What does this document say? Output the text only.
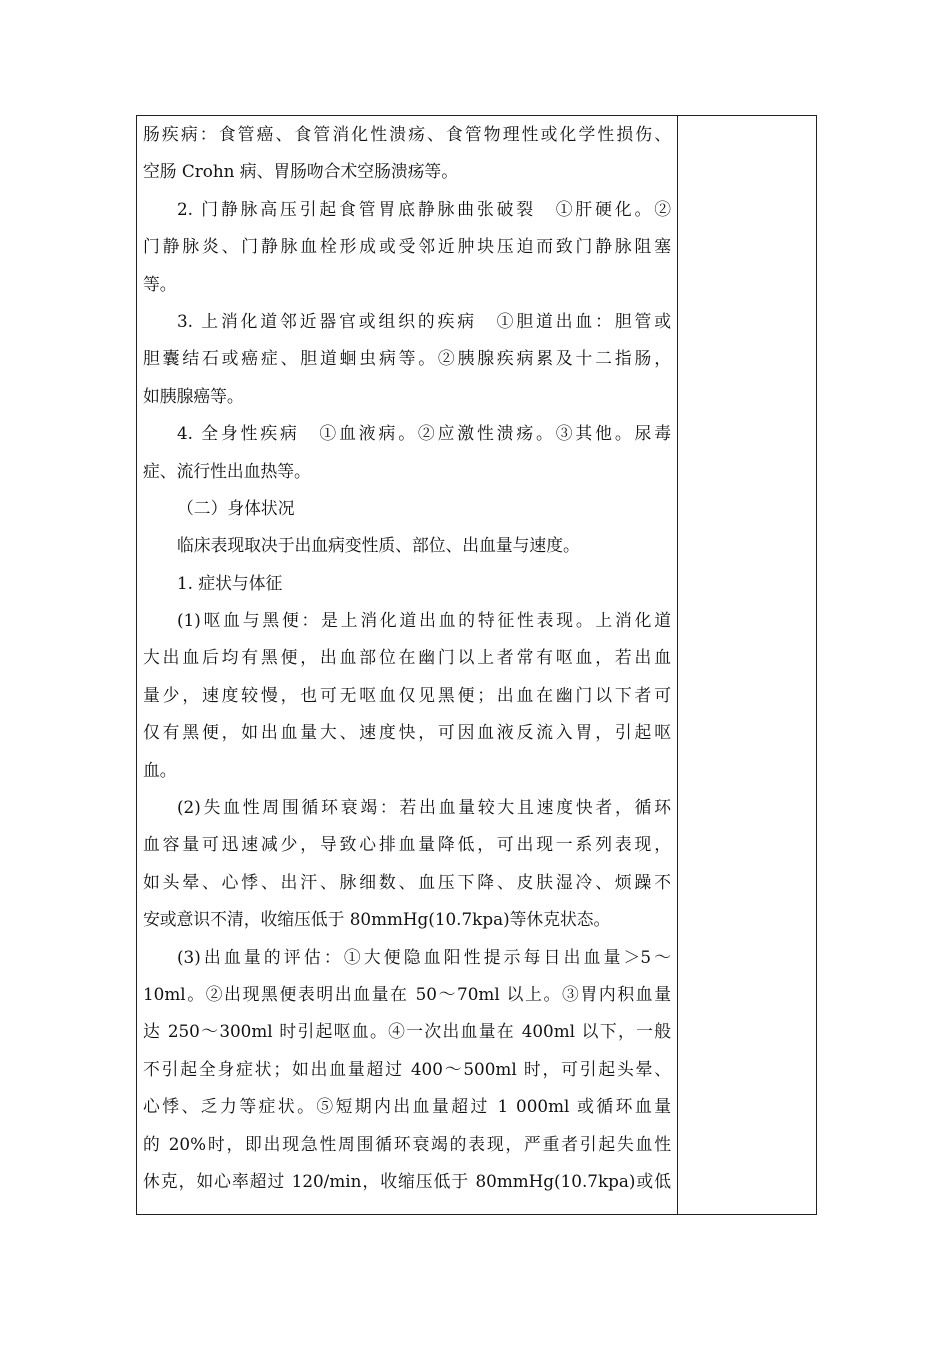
肠疾病：食管癌、食管消化性溃疡、食管物理性或化学性损伤、
空肠 Crohn 病、胃肠吻合术空肠溃疡等。
2. 门静脉高压引起食管胃底静脉曲张破裂　①肝硬化。②
门静脉炎、门静脉血栓形成或受邻近肿块压迫而致门静脉阻塞
等。
3. 上消化道邻近器官或组织的疾病　①胆道出血：胆管或
胆囊结石或癌症、胆道蛔虫病等。②胰腺疾病累及十二指肠，
如胰腺癌等。
4. 全身性疾病　①血液病。②应激性溃疡。③其他。尿毒
症、流行性出血热等。
（二）身体状况
临床表现取决于出血病变性质、部位、出血量与速度。
1. 症状与体征
(1)呕血与黑便：是上消化道出血的特征性表现。上消化道
大出血后均有黑便，出血部位在幽门以上者常有呕血，若出血
量少，速度较慢，也可无呕血仅见黑便；出血在幽门以下者可
仅有黑便，如出血量大、速度快，可因血液反流入胃，引起呕
血。
(2)失血性周围循环衰竭：若出血量较大且速度快者，循环
血容量可迅速减少，导致心排血量降低，可出现一系列表现，
如头晕、心悸、出汗、脉细数、血压下降、皮肤湿冷、烦躁不
安或意识不清，收缩压低于 80mmHg(10.7kpa)等休克状态。
(3)出血量的评估：①大便隐血阳性提示每日出血量＞5～
10ml。②出现黑便表明出血量在 50～70ml 以上。③胃内积血量
达 250～300ml 时引起呕血。④一次出血量在 400ml 以下，一般
不引起全身症状；如出血量超过 400～500ml 时，可引起头晕、
心悸、乏力等症状。⑤短期内出血量超过 1 000ml 或循环血量
的 20%时，即出现急性周围循环衰竭的表现，严重者引起失血性
休克，如心率超过 120/min，收缩压低于 80mmHg(10.7kpa)或低
